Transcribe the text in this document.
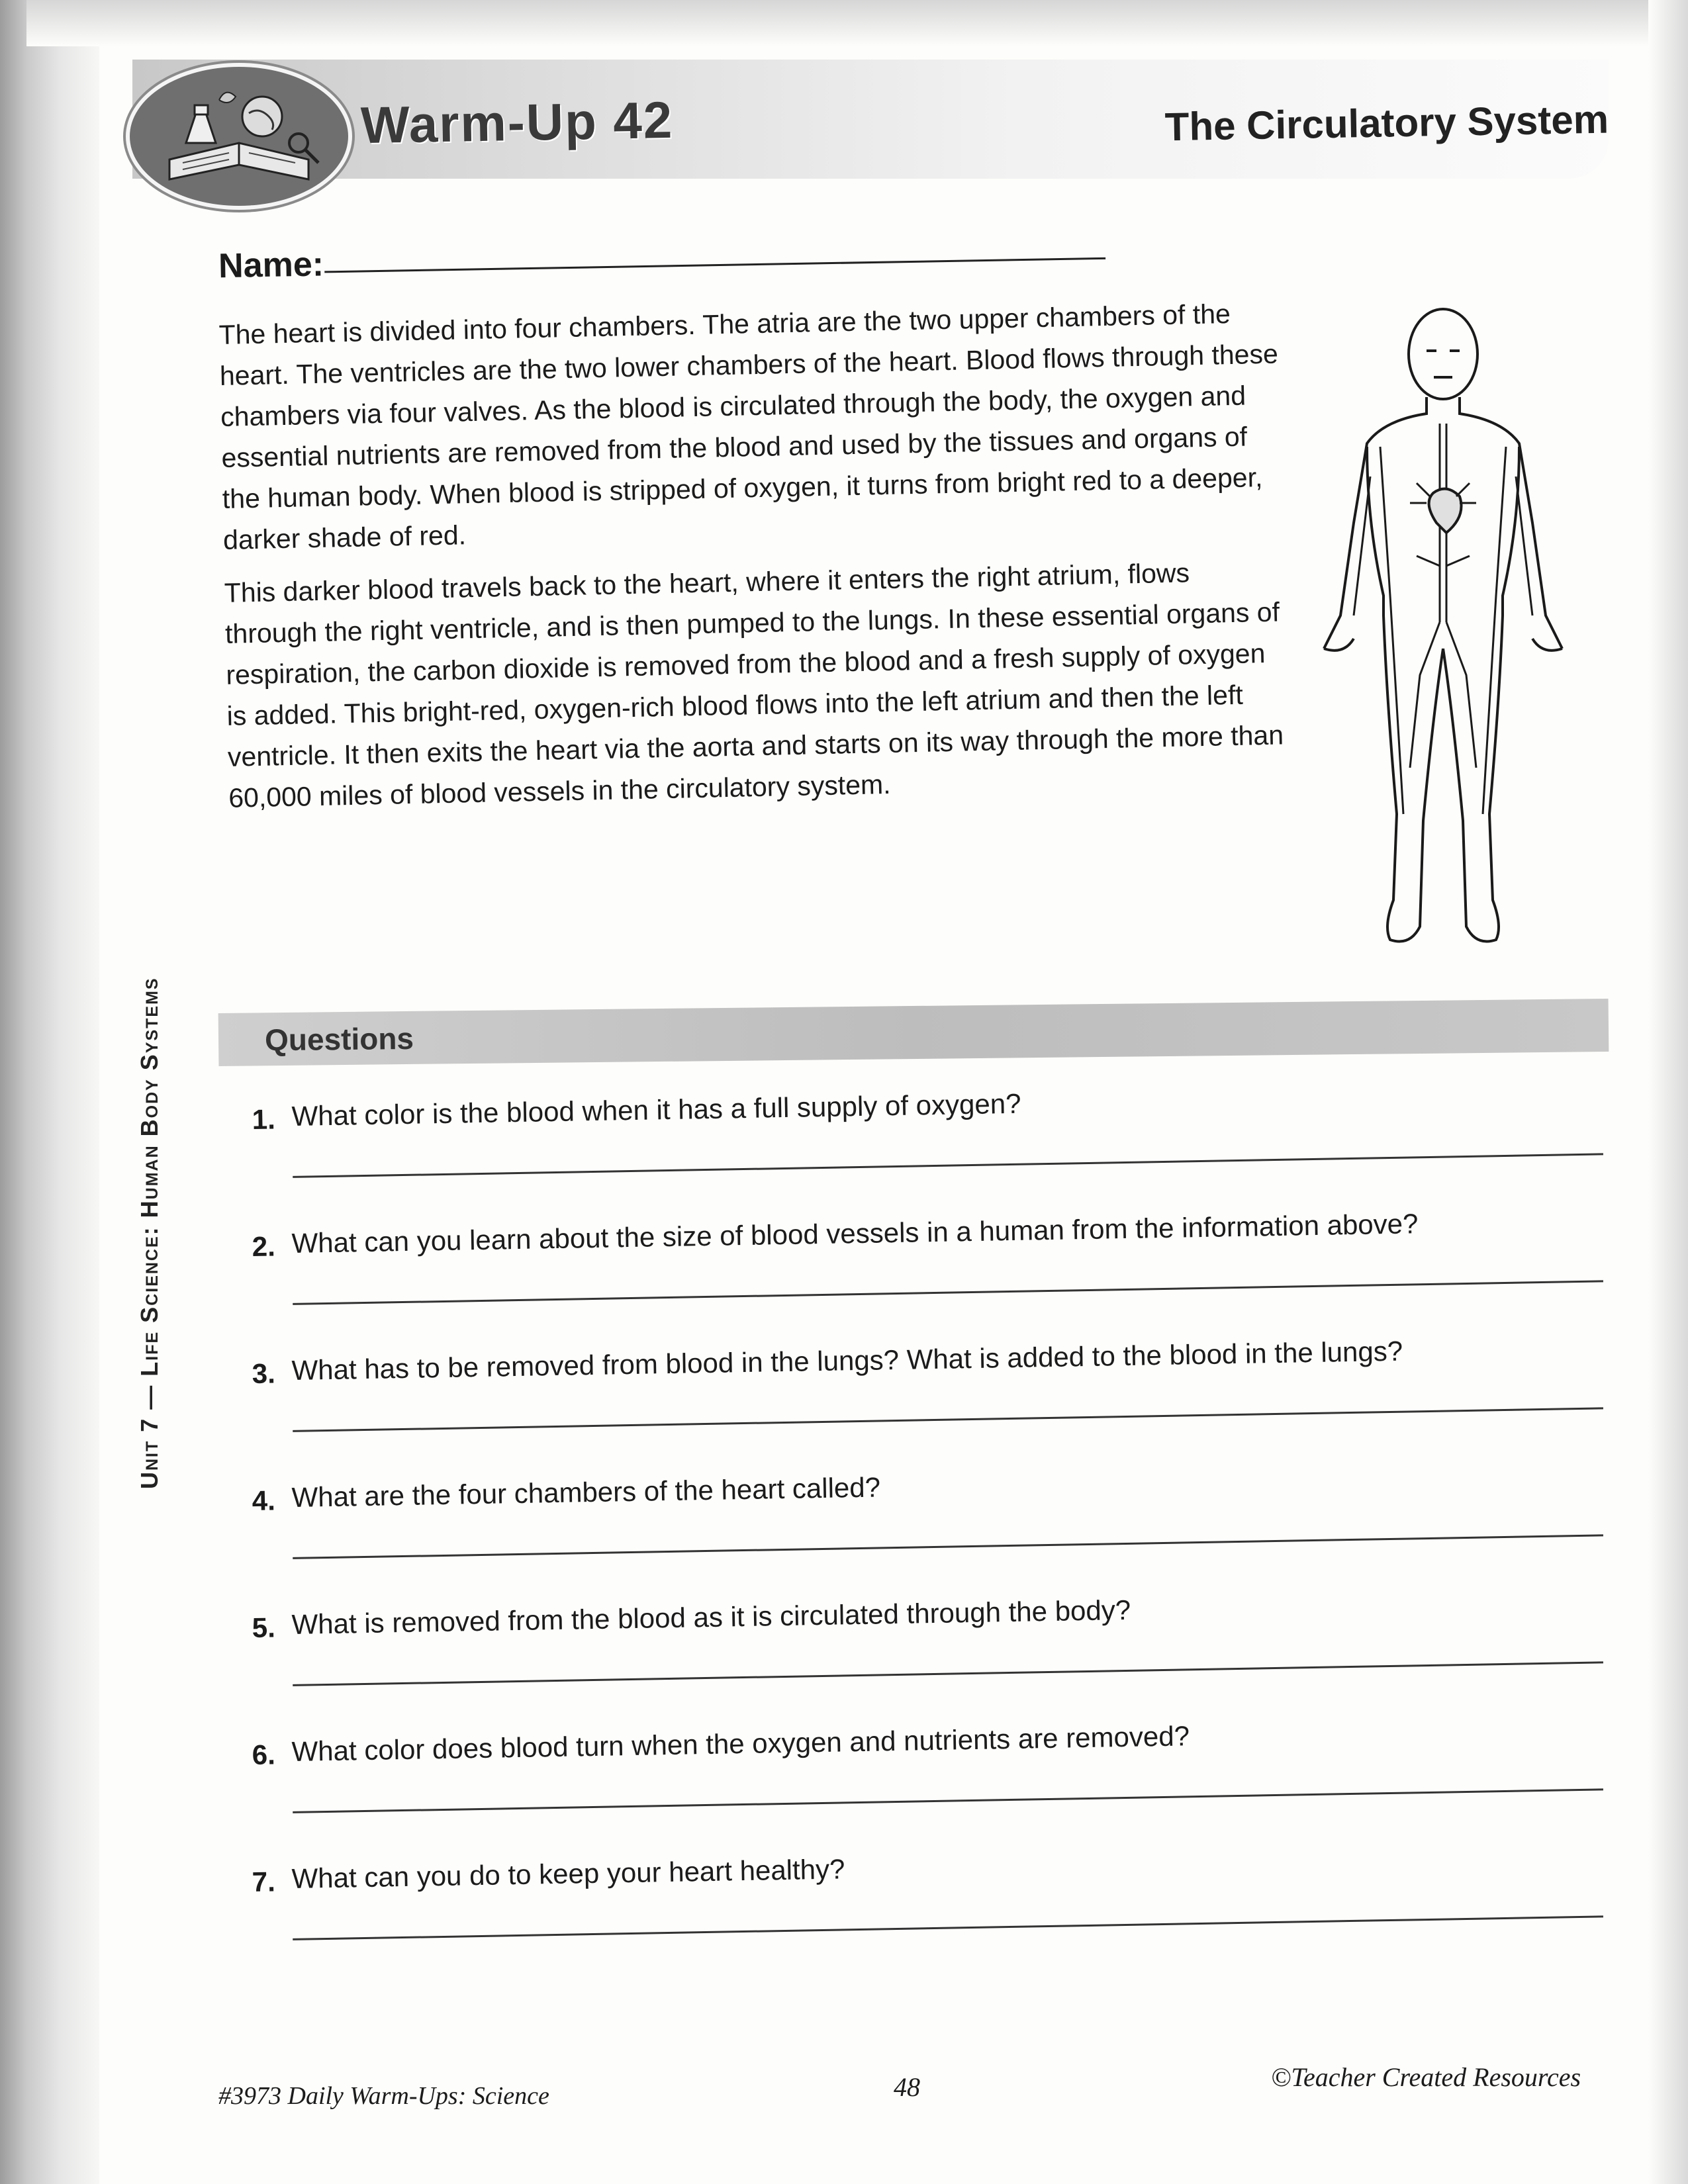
Warm-Up 42	The Circulatory System
Name:

The heart is divided into four chambers. The atria are the two upper chambers of the heart. The ventricles are the two lower chambers of the heart. Blood flows through these chambers via four valves. As the blood is circulated through the body, the oxygen and essential nutrients are removed from the blood and used by the tissues and organs of the human body. When blood is stripped of oxygen, it turns from bright red to a deeper, darker shade of red.

This darker blood travels back to the heart, where it enters the right atrium, flows through the right ventricle, and is then pumped to the lungs. In these essential organs of respiration, the carbon dioxide is removed from the blood and a fresh supply of oxygen is added. This bright-red, oxygen-rich blood flows into the left atrium and then the left ventricle. It then exits the heart via the aorta and starts on its way through the more than 60,000 miles of blood vessels in the circulatory system.

Unit 7 — Life Science: Human Body Systems	Questions
1. What color is the blood when it has a full supply of oxygen?
2. What can you learn about the size of blood vessels in a human from the information above?
3. What has to be removed from blood in the lungs? What is added to the blood in the lungs?
4. What are the four chambers of the heart called?
5. What is removed from the blood as it is circulated through the body?
6. What color does blood turn when the oxygen and nutrients are removed?
7. What can you do to keep your heart healthy?
#3973 Daily Warm-Ups: Science	48	©Teacher Created Resources
